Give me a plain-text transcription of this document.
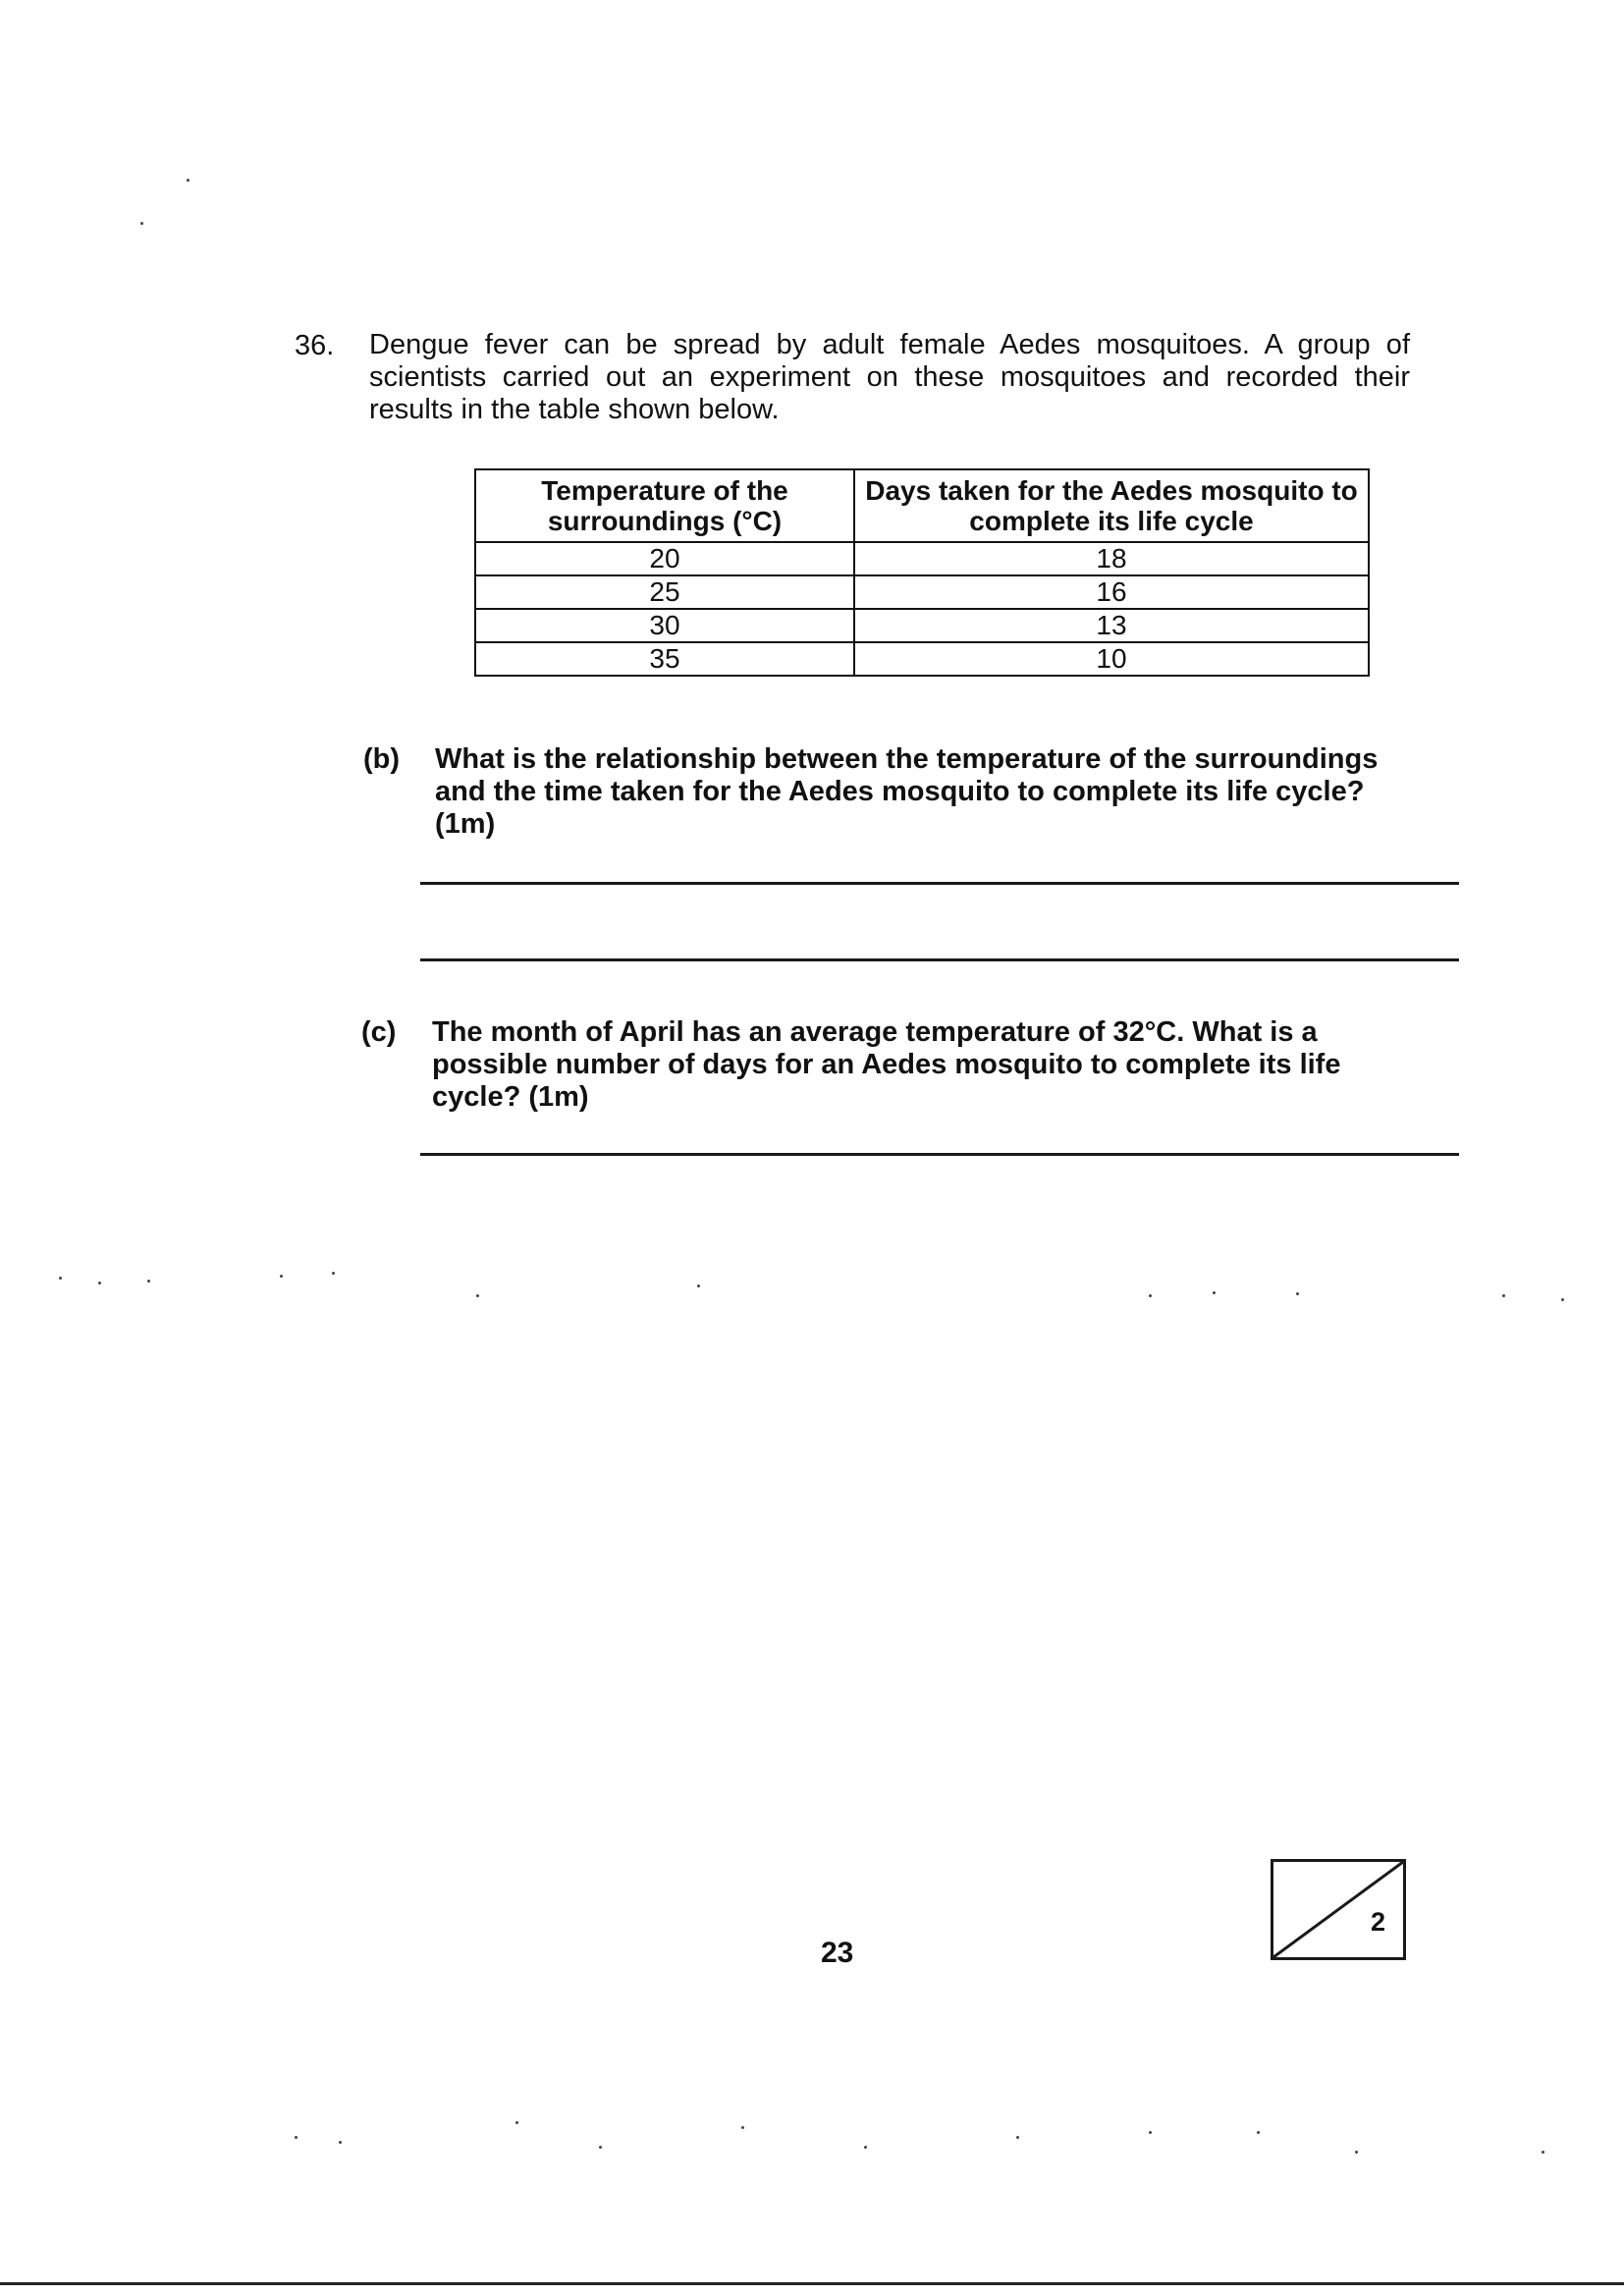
36. Dengue fever can be spread by adult female Aedes mosquitoes. A group of scientists carried out an experiment on these mosquitoes and recorded their results in the table shown below.
Temperature of the surroundings (°C)	Days taken for the Aedes mosquito to complete its life cycle
20	18
25	16
30	13
35	10
(b) What is the relationship between the temperature of the surroundings and the time taken for the Aedes mosquito to complete its life cycle? (1m)
(c) The month of April has an average temperature of 32°C. What is a possible number of days for an Aedes mosquito to complete its life cycle? (1m)
23
2
